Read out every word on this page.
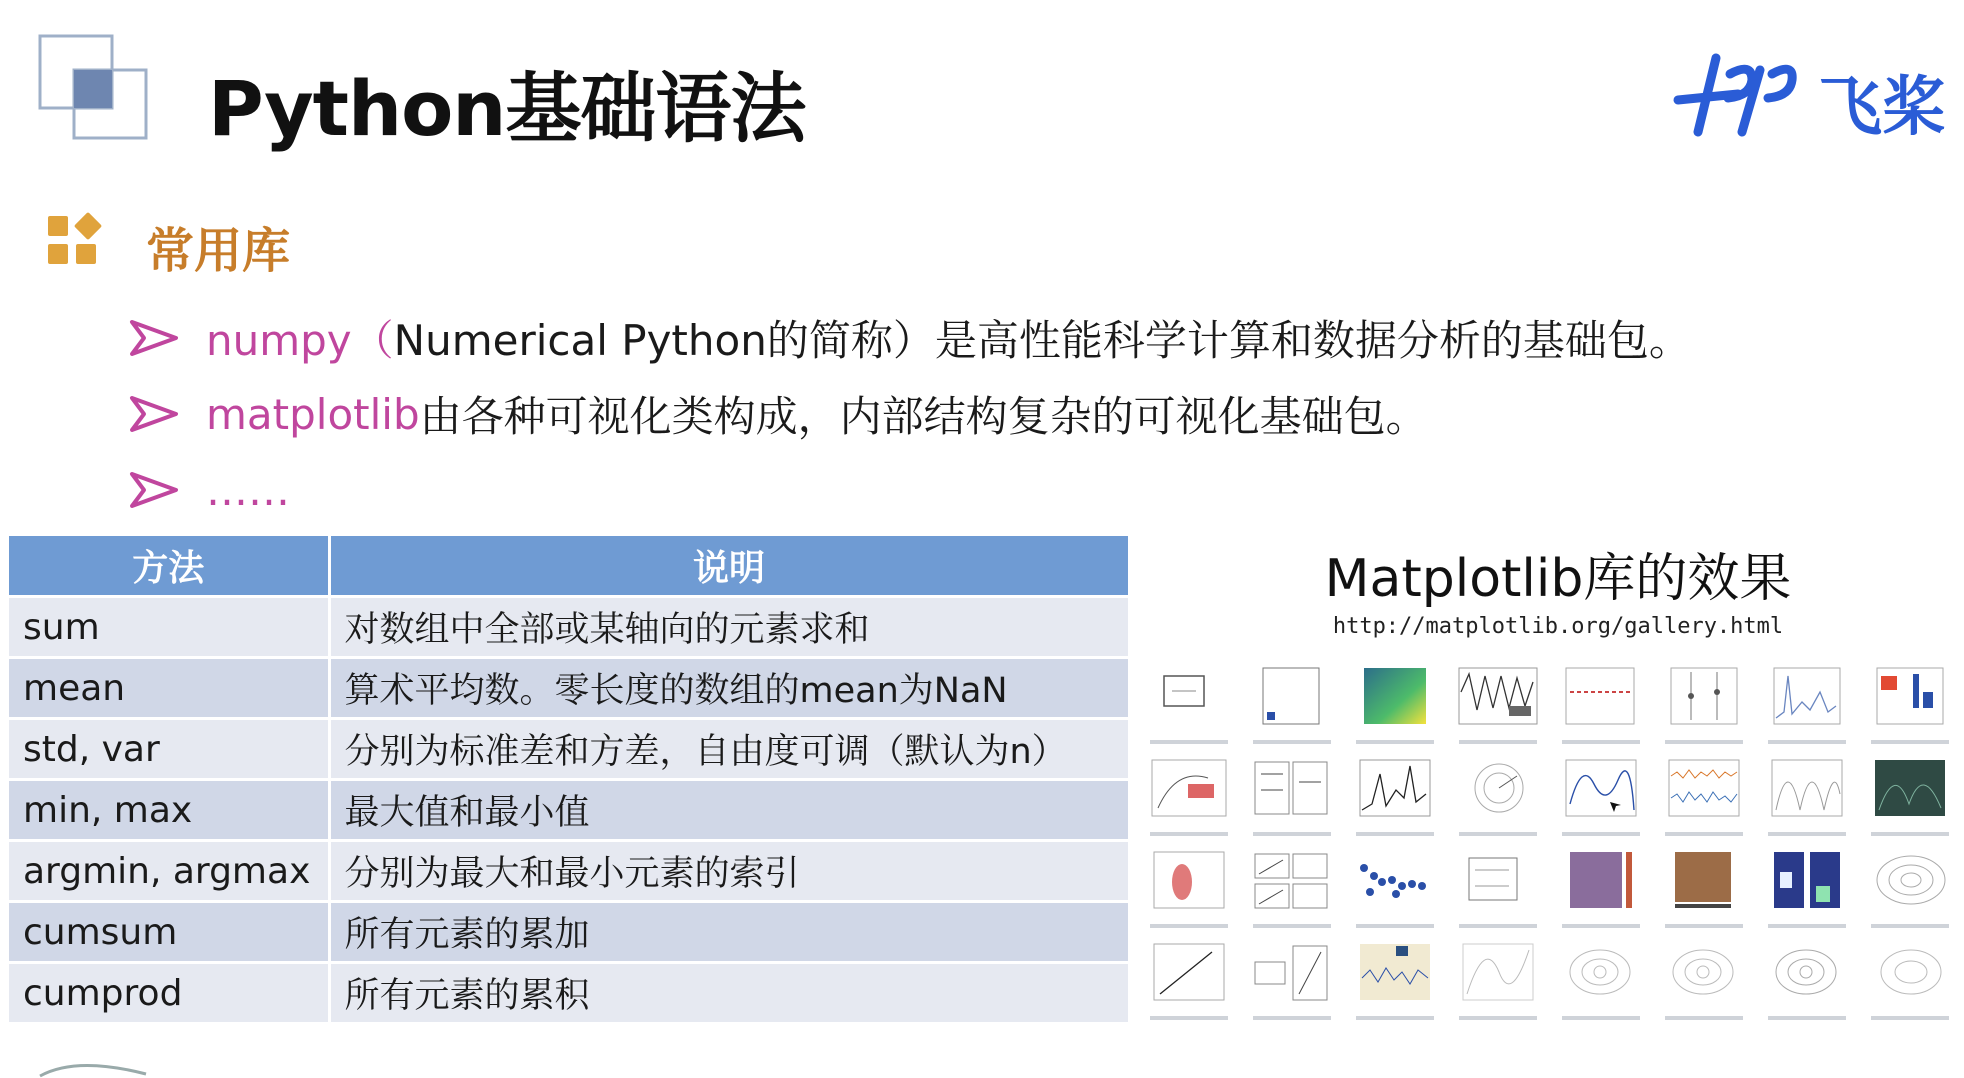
Python基础语法	飞桨
常用库
numpy（ Numerical Python的简称）是高性能科学计算和数据分析的基础包。
matplotlib 由各种可视化类构成，内部结构复杂的可视化基础包。
……
方法	说明
sum	对数组中全部或某轴向的元素求和
mean	算术平均数。零长度的数组的mean为NaN
std, var	分别为标准差和方差，自由度可调（默认为n）
min, max	最大值和最小值
argmin, argmax	分别为最大和最小元素的索引
cumsum	所有元素的累加
cumprod	所有元素的累积
Matplotlib库的效果
http://matplotlib.org/gallery.html
